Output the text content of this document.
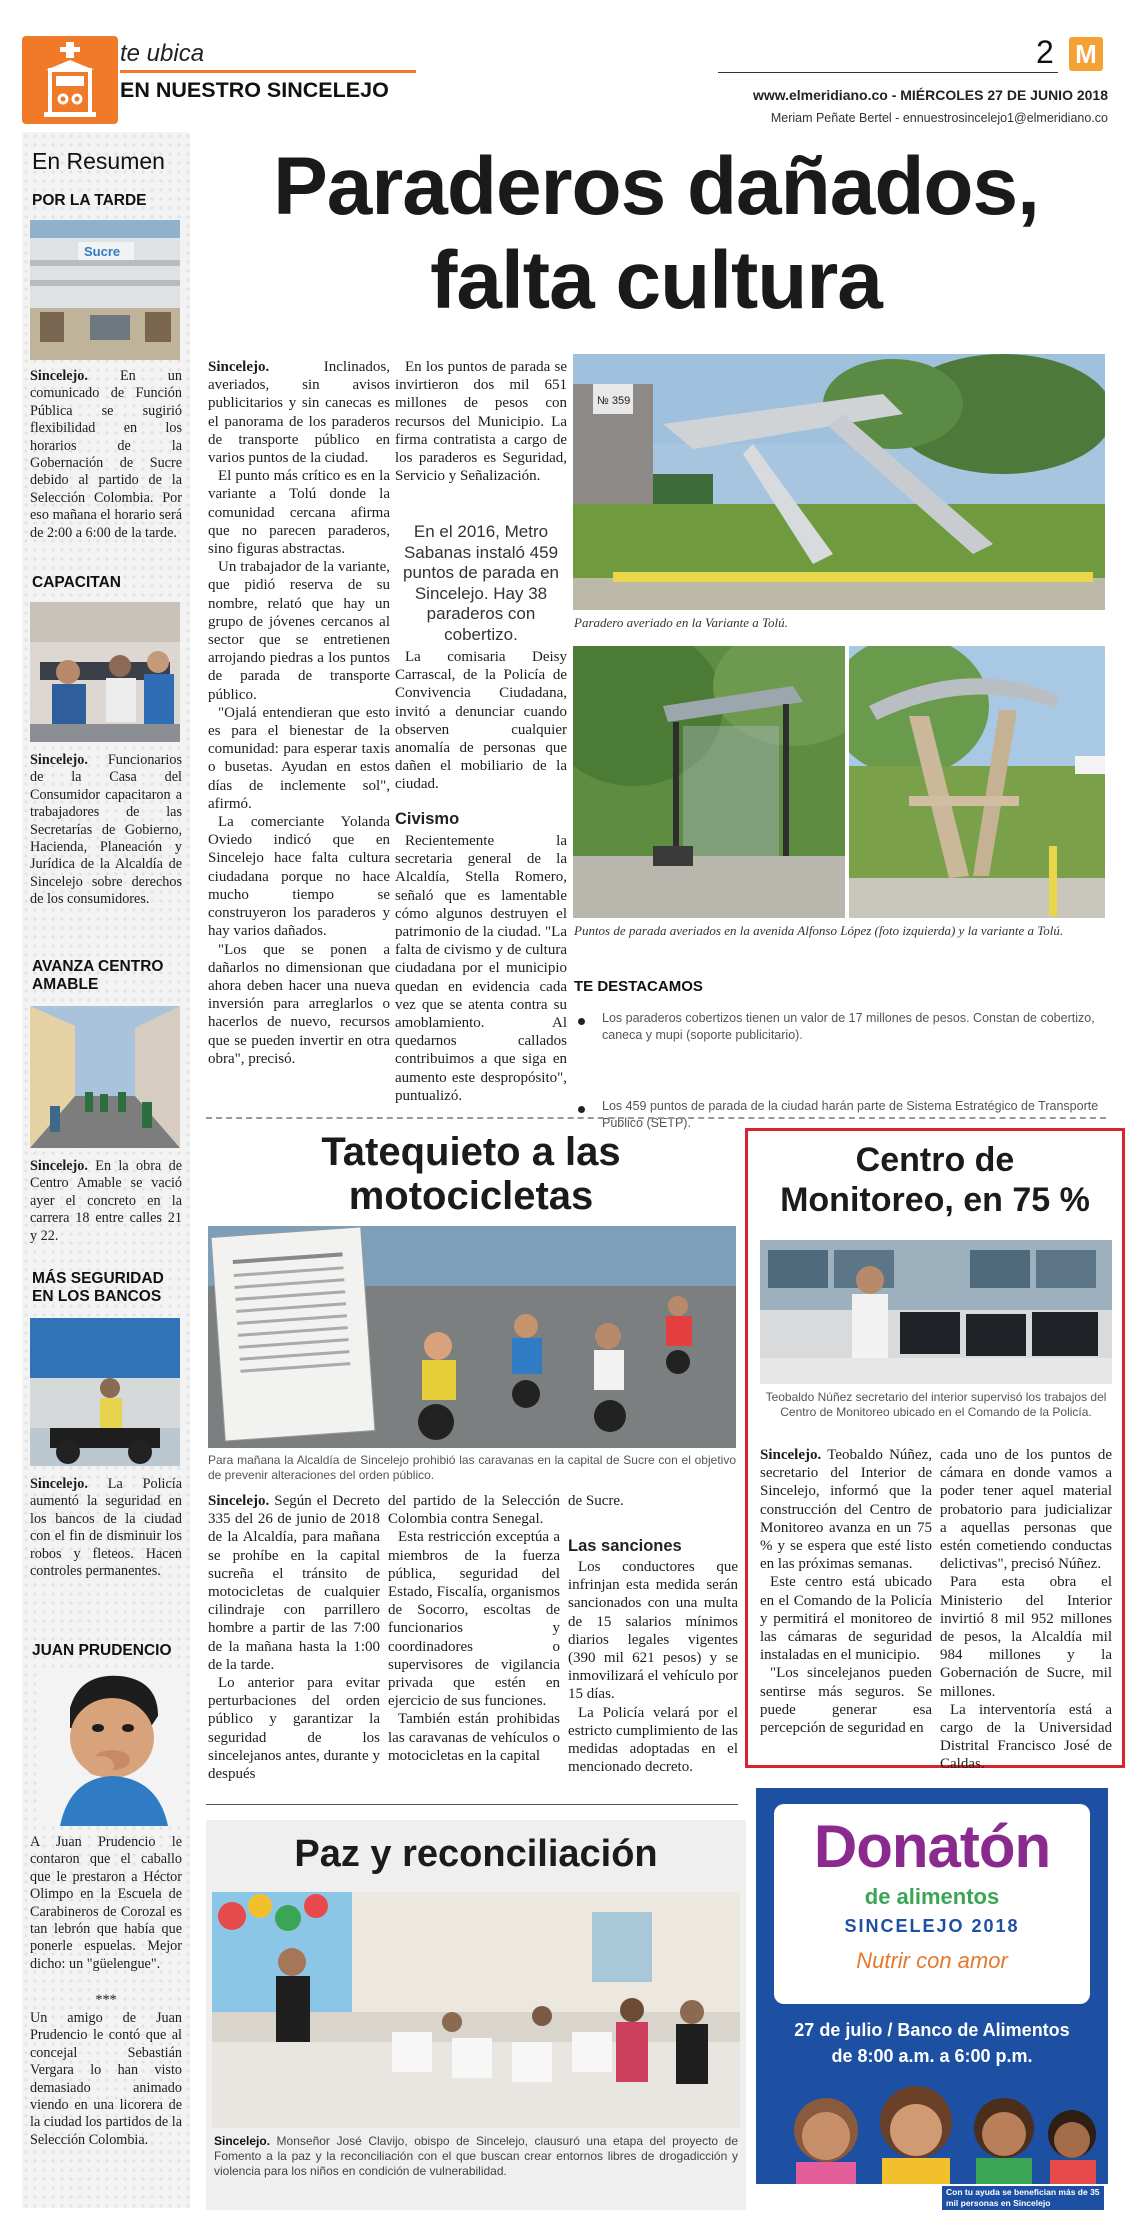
te ubica
EN NUESTRO SINCELEJO
2 M
www.elmeridiano.co - MIÉRCOLES 27 DE JUNIO 2018
Meriam Peñate Bertel - ennuestrosincelejo1@elmeridiano.co
En Resumen
POR LA TARDE
Sucre
Sincelejo. En un comunicado de Función Pública se sugirió flexibilidad en los horarios de la Gobernación de Sucre debido al partido de la Selección Colombia. Por eso mañana el horario será de 2:00 a 6:00 de la tarde.
CAPACITAN
Sincelejo. Funcionarios de la Casa del Consumidor capacitaron a trabajadores de las Secretarías de Gobierno, Hacienda, Planeación y Jurídica de la Alcaldía de Sincelejo sobre derechos de los consumidores.
AVANZA CENTRO AMABLE
Sincelejo. En la obra de Centro Amable se vació ayer el concreto en la carrera 18 entre calles 21 y 22.
MÁS SEGURIDAD EN LOS BANCOS
Sincelejo. La Policía aumentó la seguridad en los bancos de la ciudad con el fin de disminuir los robos y fleteos. Hacen controles permanentes.
JUAN PRUDENCIO
A Juan Prudencio le contaron que el caballo que le prestaron a Héctor Olimpo en la Escuela de Carabineros de Corozal es tan lebrón que había que ponerle espuelas. Mejor dicho: un "güelengue".
***
Un amigo de Juan Prudencio le contó que al concejal Sebastián Vergara lo han visto demasiado animado viendo en una licorera de la ciudad los partidos de la Selección Colombia.
Paraderos dañados,
falta cultura

Sincelejo. Inclinados, averiados, sin avisos publicitarios y sin canecas es el panorama de los paraderos de transporte público en varios puntos de la ciudad.

El punto más crítico es en la variante a Tolú donde la comunidad cercana afirma que no parecen paraderos, sino figuras abstractas.

Un trabajador de la variante, que pidió reserva de su nombre, relató que hay un grupo de jóvenes cercanos al sector que se entretienen arrojando piedras a los puntos de parada de transporte público.

"Ojalá entendieran que esto es para el bienestar de la comunidad: para esperar taxis o busetas. Ayudan en estos días de inclemente sol", afirmó.

La comerciante Yolanda Oviedo indicó que en Sincelejo hace falta cultura ciudadana porque no hace mucho tiempo se construyeron los paraderos y hay varios dañados.

"Los que se ponen a dañarlos no dimensionan que ahora deben hacer una nueva inversión para arreglarlos o hacerlos de nuevo, recursos que se pueden invertir en otra obra", precisó.

En los puntos de parada se invirtieron dos mil 651 millones de pesos con recursos del Municipio. La firma contratista a cargo de los paraderos es Seguridad, Servicio y Señalización.

En el 2016, Metro Sabanas instaló 459 puntos de parada en Sincelejo. Hay 38 paraderos con cobertizo.

La comisaria Deisy Carrascal, de la Policía de Convivencia Ciudadana, invitó a denunciar cuando observen cualquier anomalía de personas que dañen el mobiliario de la ciudad.

Civismo

Recientemente la secretaria general de la Alcaldía, Stella Romero, señaló que es lamentable cómo algunos destruyen el patrimonio de la ciudad. "La falta de civismo y de cultura ciudadana por el municipio quedan en evidencia cada vez que se atenta contra su amoblamiento. Al quedarnos callados contribuimos a que siga en aumento este despropósito", puntualizó.

№ 359
Paradero averiado en la Variante a Tolú.
Puntos de parada averiados en la avenida Alfonso López (foto izquierda) y la variante a Tolú.
TE DESTACAMOS
Los paraderos cobertizos tienen un valor de 17 millones de pesos. Constan de cobertizo, caneca y mupi (soporte publicitario).
Los 459 puntos de parada de la ciudad harán parte de Sistema Estratégico de Transporte Público (SETP).
Tatequieto a las
motocicletas
Para mañana la Alcaldía de Sincelejo prohibió las caravanas en la capital de Sucre con el objetivo de prevenir alteraciones del orden público.

Sincelejo. Según el Decreto 335 del 26 de junio de 2018 de la Alcaldía, para mañana se prohíbe en la capital sucreña el tránsito de motocicletas de cualquier cilindraje con parrillero hombre a partir de las 7:00 de la mañana hasta la 1:00 de la tarde.

Lo anterior para evitar perturbaciones del orden público y garantizar la seguridad de los sincelejanos antes, durante y después

del partido de la Selección Colombia contra Senegal.

Esta restricción exceptúa a miembros de la fuerza pública, seguridad del Estado, Fiscalía, organismos de Socorro, escoltas de funcionarios y coordinadores o supervisores de vigilancia privada que estén en ejercicio de sus funciones.

También están prohibidas las caravanas de vehículos o motocicletas en la capital

de Sucre.

Las sanciones

Los conductores que infrinjan esta medida serán sancionados con una multa de 15 salarios mínimos diarios legales vigentes (390 mil 621 pesos) y se inmovilizará el vehículo por 15 días.

La Policía velará por el estricto cumplimiento de las medidas adoptadas en el mencionado decreto.

Centro de
Monitoreo, en 75 %
Teobaldo Núñez secretario del interior supervisó los trabajos del Centro de Monitoreo ubicado en el Comando de la Policía.

Sincelejo. Teobaldo Núñez, secretario del Interior de Sincelejo, informó que la construcción del Centro de Monitoreo avanza en un 75 % y se espera que esté listo en las próximas semanas.

Este centro está ubicado en el Comando de la Policía y permitirá el monitoreo de las cámaras de seguridad instaladas en el municipio.

"Los sincelejanos pueden sentirse más seguros. Se puede generar esa percepción de seguridad en

cada uno de los puntos de cámara en donde vamos a poder tener aquel material probatorio para judicializar a aquellas personas que estén cometiendo conductas delictivas", precisó Núñez.

Para esta obra el Ministerio del Interior invirtió 8 mil 952 millones de pesos, la Alcaldía mil 984 millones y la Gobernación de Sucre, mil millones.

La interventoría está a cargo de la Universidad Distrital Francisco José de Caldas.

Paz y reconciliación
Sincelejo. Monseñor José Clavijo, obispo de Sincelejo, clausuró una etapa del proyecto de Fomento a la paz y la reconciliación con el que buscan crear entornos libres de drogadicción y violencia para los niños en condición de vulnerabilidad.
Donatón
de alimentos
SINCELEJO 2018
Nutrir con amor
27 de julio / Banco de Alimentos
de 8:00 a.m. a 6:00 p.m.
Con tu ayuda se benefician más de 35 mil personas en Sincelejo
